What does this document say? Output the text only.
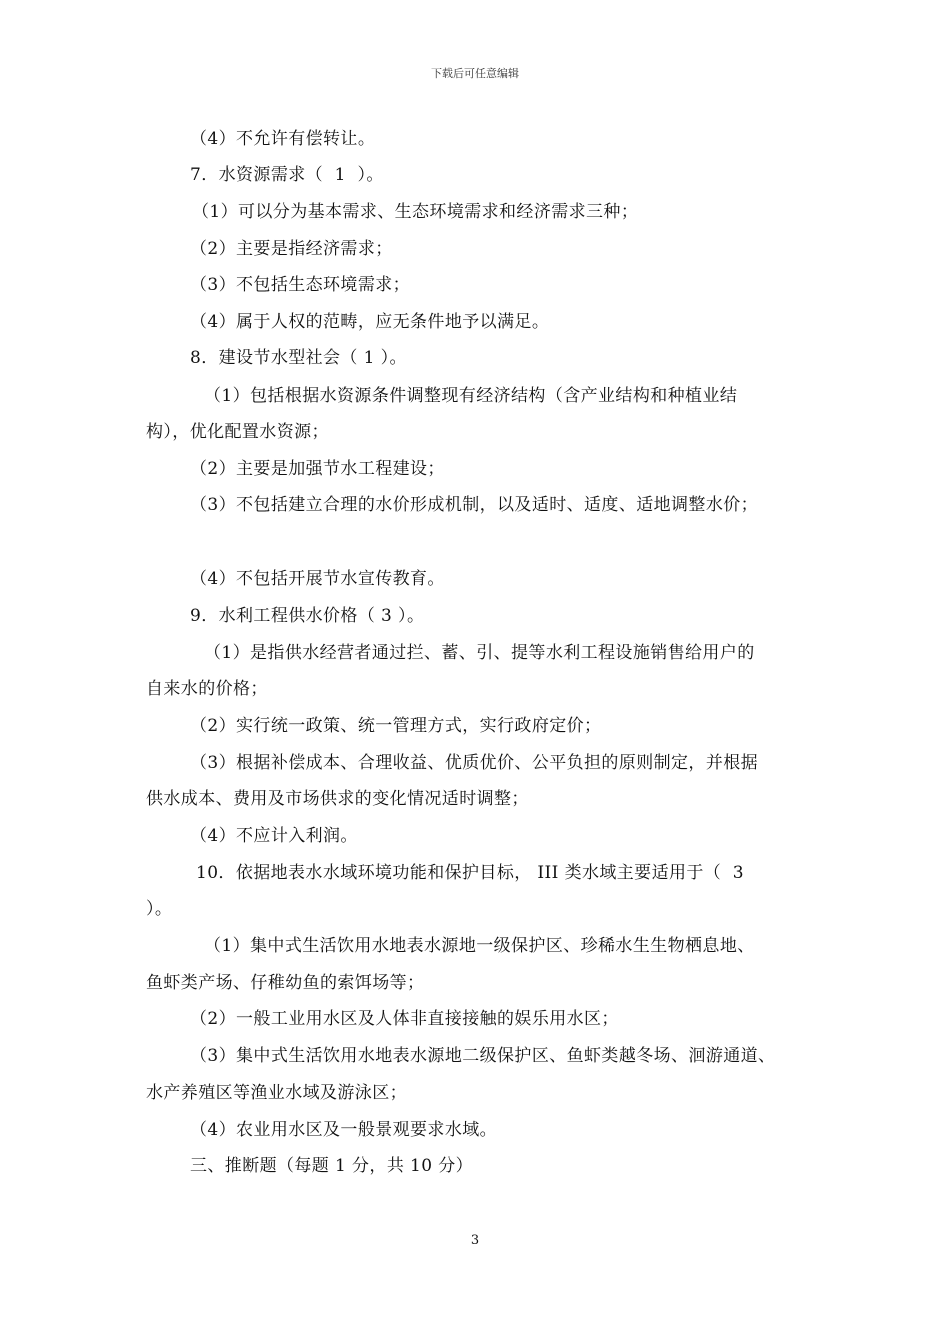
下载后可任意编辑
（4）不允许有偿转让。
7．水资源需求（  1  ）。
（1）可以分为基本需求、生态环境需求和经济需求三种；
（2）主要是指经济需求；
（3）不包括生态环境需求；
（4）属于人权的范畴，应无条件地予以满足。
8．建设节水型社会（ 1 ）。
（1）包括根据水资源条件调整现有经济结构（含产业结构和种植业结
构），优化配置水资源；
（2）主要是加强节水工程建设；
（3）不包括建立合理的水价形成机制，以及适时、适度、适地调整水价；
（4）不包括开展节水宣传教育。
9．水利工程供水价格（ 3 ）。
（1）是指供水经营者通过拦、蓄、引、提等水利工程设施销售给用户的
自来水的价格；
（2）实行统一政策、统一管理方式，实行政府定价；
（3）根据补偿成本、合理收益、优质优价、公平负担的原则制定，并根据
供水成本、费用及市场供求的变化情况适时调整；
（4）不应计入利润。
10．依据地表水水域环境功能和保护目标， III 类水域主要适用于（  3
）。
（1）集中式生活饮用水地表水源地一级保护区、珍稀水生生物栖息地、
鱼虾类产场、仔稚幼鱼的索饵场等；
（2）一般工业用水区及人体非直接接触的娱乐用水区；
（3）集中式生活饮用水地表水源地二级保护区、鱼虾类越冬场、洄游通道、
水产养殖区等渔业水域及游泳区；
（4）农业用水区及一般景观要求水域。
三、推断题（每题 1 分，共 10 分）
3
